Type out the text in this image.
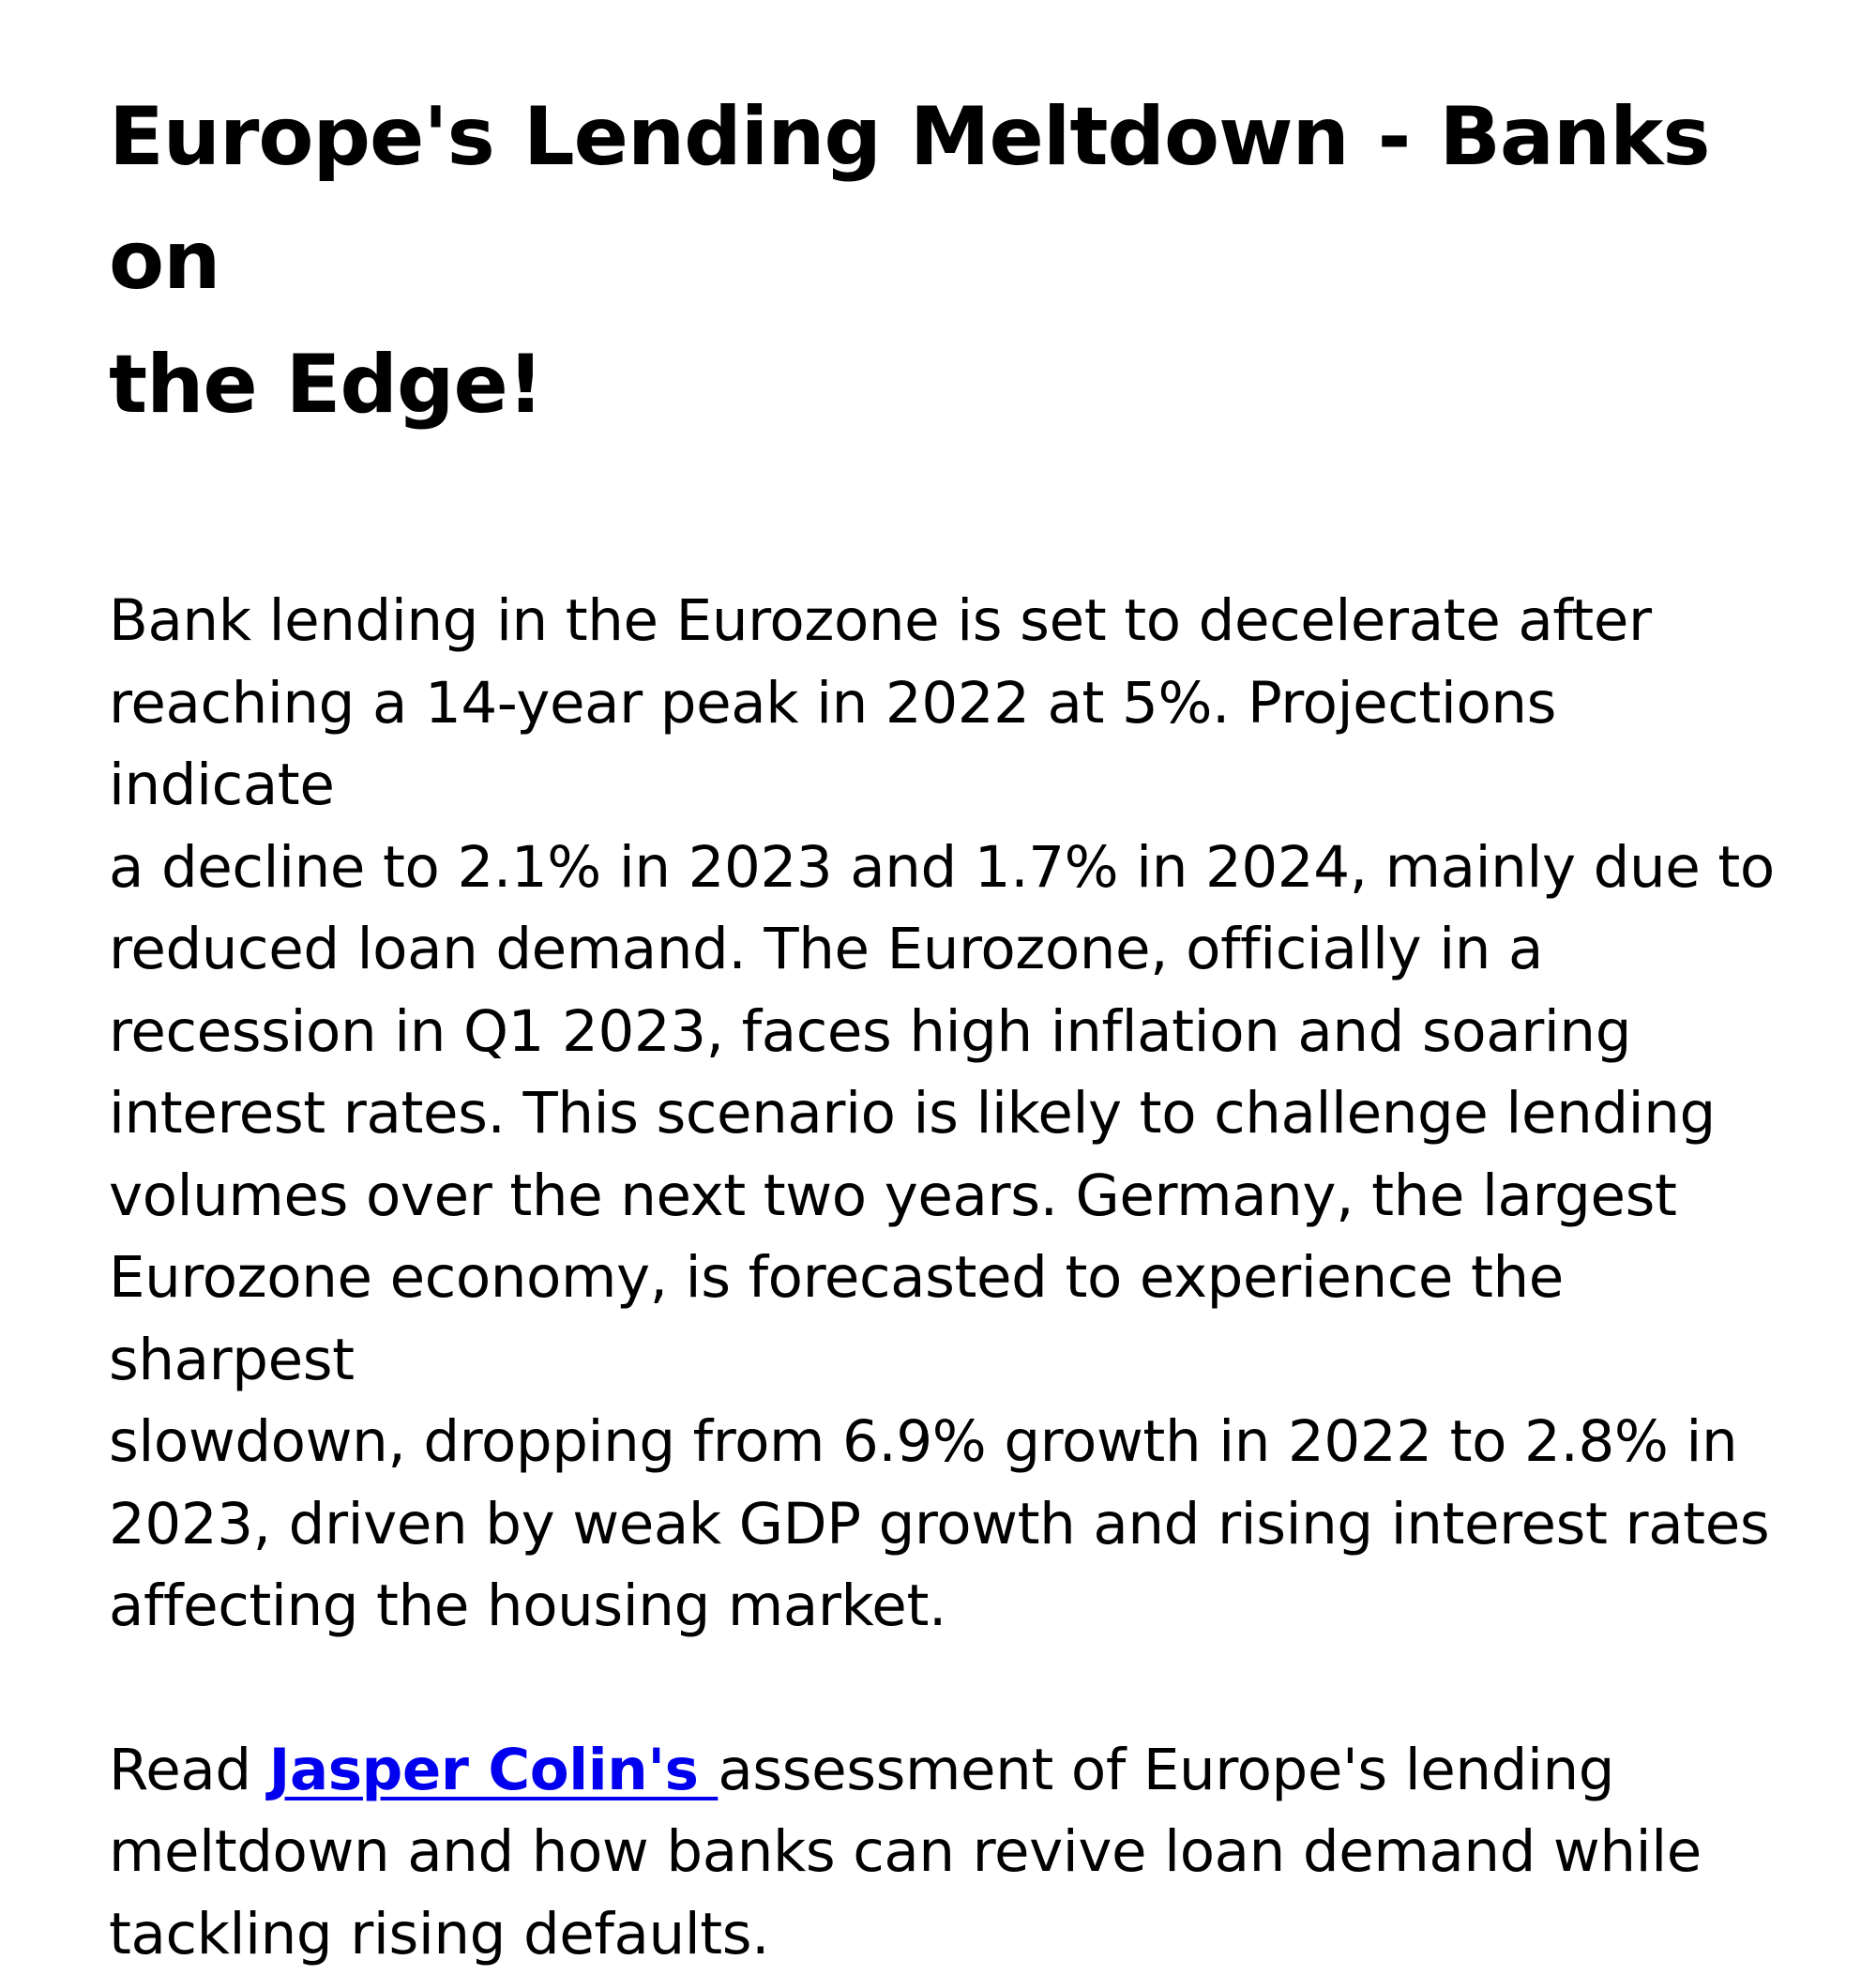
Europe's Lending Meltdown - Banks on
the Edge!

Bank lending in the Eurozone is set to decelerate after
reaching a 14-year peak in 2022 at 5%. Projections indicate
a decline to 2.1% in 2023 and 1.7% in 2024, mainly due to
reduced loan demand. The Eurozone, officially in a
recession in Q1 2023, faces high inflation and soaring
interest rates. This scenario is likely to challenge lending
volumes over the next two years. Germany, the largest
Eurozone economy, is forecasted to experience the sharpest
slowdown, dropping from 6.9% growth in 2022 to 2.8% in
2023, driven by weak GDP growth and rising interest rates
affecting the housing market.

Read Jasper Colin's assessment of Europe's lending
meltdown and how banks can revive loan demand while
tackling rising defaults.
